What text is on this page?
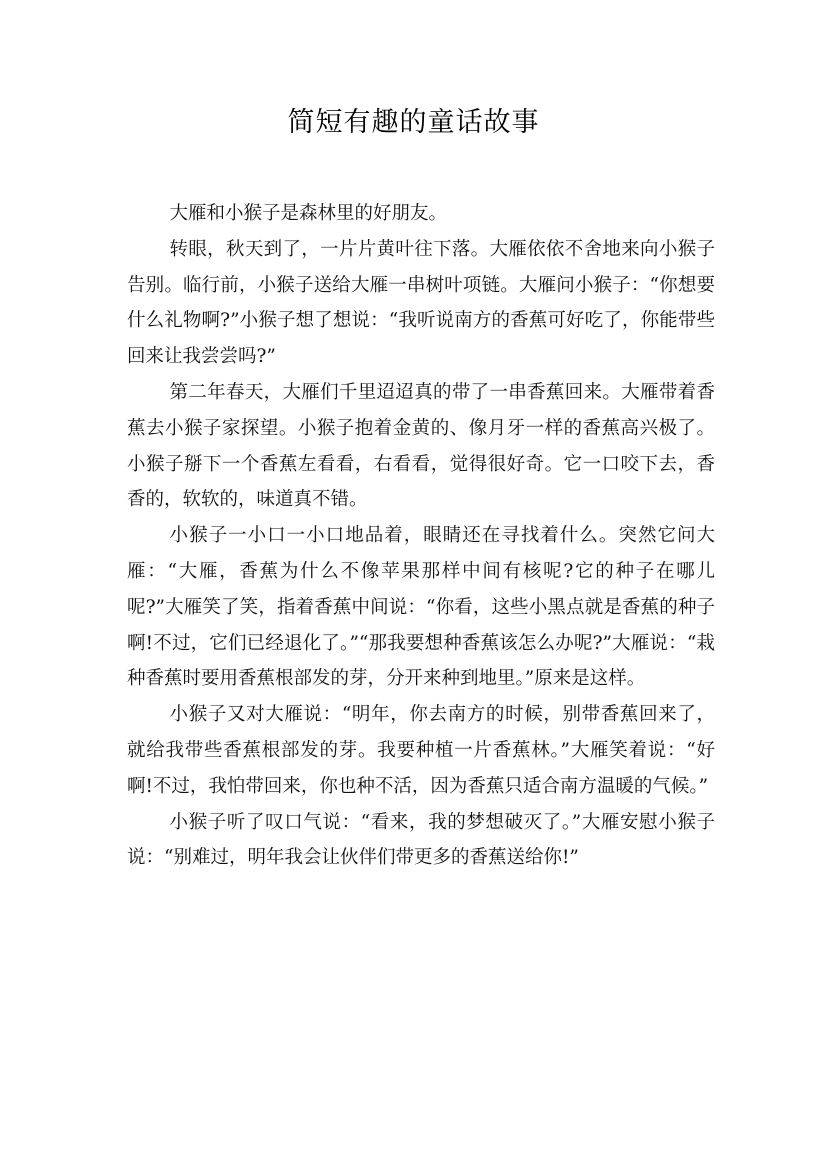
简短有趣的童话故事

大雁和小猴子是森林里的好朋友。

转眼，秋天到了，一片片黄叶往下落。大雁依依不舍地来向小猴子告别。临行前，小猴子送给大雁一串树叶项链。大雁问小猴子：“你想要什么礼物啊?”小猴子想了想说：“我听说南方的香蕉可好吃了，你能带些回来让我尝尝吗?”

第二年春天，大雁们千里迢迢真的带了一串香蕉回来。大雁带着香蕉去小猴子家探望。小猴子抱着金黄的、像月牙一样的香蕉高兴极了。小猴子掰下一个香蕉左看看，右看看，觉得很好奇。它一口咬下去，香香的，软软的，味道真不错。

小猴子一小口一小口地品着，眼睛还在寻找着什么。突然它问大雁：“大雁，香蕉为什么不像苹果那样中间有核呢?它的种子在哪儿呢?”大雁笑了笑，指着香蕉中间说：“你看，这些小黑点就是香蕉的种子啊!不过，它们已经退化了。”“那我要想种香蕉该怎么办呢?”大雁说：“栽种香蕉时要用香蕉根部发的芽，分开来种到地里。”原来是这样。

小猴子又对大雁说：“明年，你去南方的时候，别带香蕉回来了，就给我带些香蕉根部发的芽。我要种植一片香蕉林。”大雁笑着说：“好啊!不过，我怕带回来，你也种不活，因为香蕉只适合南方温暖的气候。”

小猴子听了叹口气说：“看来，我的梦想破灭了。”大雁安慰小猴子说：“别难过，明年我会让伙伴们带更多的香蕉送给你!”
